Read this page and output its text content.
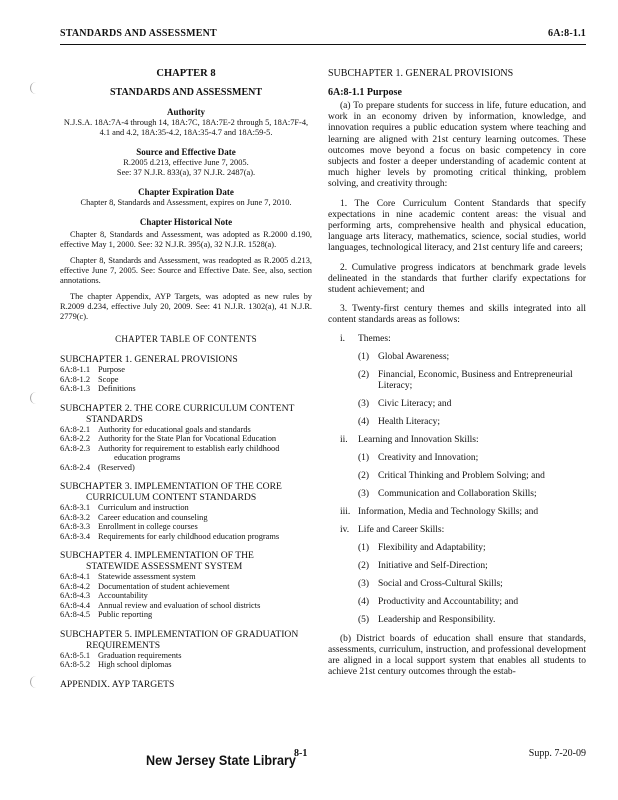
STANDARDS AND ASSESSMENT	6A:8-1.1
CHAPTER 8
STANDARDS AND ASSESSMENT
Authority
N.J.S.A. 18A:7A-4 through 14, 18A:7C, 18A:7E-2 through 5, 18A:7F-4, 4.1 and 4.2, 18A:35-4.2, 18A:35-4.7 and 18A:59-5.
Source and Effective Date
R.2005 d.213, effective June 7, 2005.
See: 37 N.J.R. 833(a), 37 N.J.R. 2487(a).
Chapter Expiration Date
Chapter 8, Standards and Assessment, expires on June 7, 2010.
Chapter Historical Note

Chapter 8, Standards and Assessment, was adopted as R.2000 d.190, effective May 1, 2000. See: 32 N.J.R. 395(a), 32 N.J.R. 1528(a).

Chapter 8, Standards and Assessment, was readopted as R.2005 d.213, effective June 7, 2005. See: Source and Effective Date. See, also, section annotations.

The chapter Appendix, AYP Targets, was adopted as new rules by R.2009 d.234, effective July 20, 2009. See: 41 N.J.R. 1302(a), 41 N.J.R. 2779(c).

CHAPTER TABLE OF CONTENTS
SUBCHAPTER 1. GENERAL PROVISIONS
6A:8-1.1 Purpose
6A:8-1.2 Scope
6A:8-1.3 Definitions
SUBCHAPTER 2. THE CORE CURRICULUM CONTENT
STANDARDS
6A:8-2.1 Authority for educational goals and standards
6A:8-2.2 Authority for the State Plan for Vocational Education
6A:8-2.3 Authority for requirement to establish early childhood
education programs
6A:8-2.4 (Reserved)
SUBCHAPTER 3. IMPLEMENTATION OF THE CORE
CURRICULUM CONTENT STANDARDS
6A:8-3.1 Curriculum and instruction
6A:8-3.2 Career education and counseling
6A:8-3.3 Enrollment in college courses
6A:8-3.4 Requirements for early childhood education programs
SUBCHAPTER 4. IMPLEMENTATION OF THE
STATEWIDE ASSESSMENT SYSTEM
6A:8-4.1 Statewide assessment system
6A:8-4.2 Documentation of student achievement
6A:8-4.3 Accountability
6A:8-4.4 Annual review and evaluation of school districts
6A:8-4.5 Public reporting
SUBCHAPTER 5. IMPLEMENTATION OF GRADUATION
REQUIREMENTS
6A:8-5.1 Graduation requirements
6A:8-5.2 High school diplomas
APPENDIX. AYP TARGETS
SUBCHAPTER 1. GENERAL PROVISIONS
6A:8-1.1 Purpose

(a) To prepare students for success in life, future education, and work in an economy driven by information, knowledge, and innovation requires a public education system where teaching and learning are aligned with 21st century learning outcomes. These outcomes move beyond a focus on basic competency in core subjects and foster a deeper understanding of academic content at much higher levels by promoting critical thinking, problem solving, and creativity through:

1. The Core Curriculum Content Standards that specify expectations in nine academic content areas: the visual and performing arts, comprehensive health and physical education, language arts literacy, mathematics, science, social studies, world languages, technological literacy, and 21st century life and careers;

2. Cumulative progress indicators at benchmark grade levels delineated in the standards that further clarify expectations for student achievement; and

3. Twenty-first century themes and skills integrated into all content standards areas as follows:

i.	Themes:
(1) Global Awareness;
(2) Financial, Economic, Business and Entrepreneurial Literacy;
(3) Civic Literacy; and
(4) Health Literacy;
ii.	Learning and Innovation Skills:
(1) Creativity and Innovation;
(2) Critical Thinking and Problem Solving; and
(3) Communication and Collaboration Skills;
iii. Information, Media and Technology Skills; and
iv. Life and Career Skills:
(1) Flexibility and Adaptability;
(2) Initiative and Self-Direction;
(3) Social and Cross-Cultural Skills;
(4) Productivity and Accountability; and
(5) Leadership and Responsibility.

(b) District boards of education shall ensure that standards, assessments, curriculum, instruction, and professional development are aligned in a local support system that enables all students to achieve 21st century outcomes through the estab-

New Jersey State Library
8-1	Supp. 7-20-09
